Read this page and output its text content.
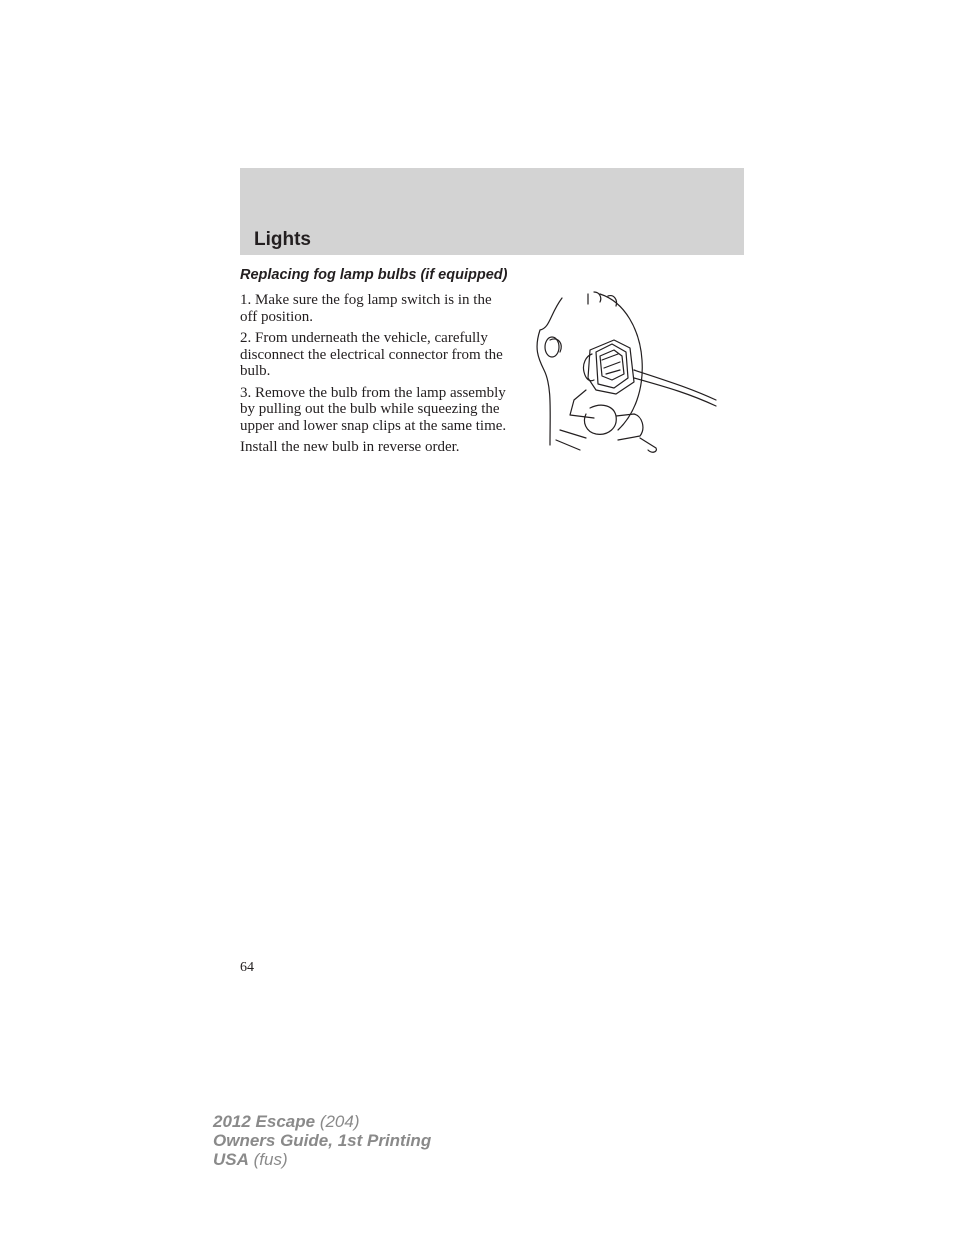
Lights
Replacing fog lamp bulbs (if equipped)

1. Make sure the fog lamp switch is in the off position.

2. From underneath the vehicle, carefully disconnect the electrical connector from the bulb.

3. Remove the bulb from the lamp assembly by pulling out the bulb while squeezing the upper and lower snap clips at the same time.

Install the new bulb in reverse order.

64
2012 Escape (204)
Owners Guide, 1st Printing
USA (fus)
